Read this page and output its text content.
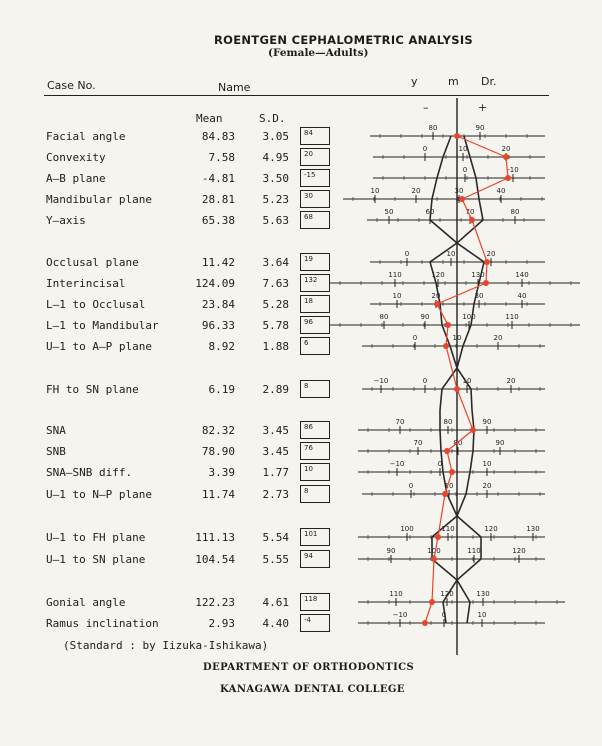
ROENTGEN CEPHALOMETRIC ANALYSIS
(Female—Adults)
Case No.	Name	y	m Dr.
–	+
Mean	S.D.
Facial angle	84.83	3.05	84
Convexity	7.58	4.95	20
A—B plane	-4.81	3.50	-15
Mandibular plane	28.81	5.23	30
Y—axis	65.38	5.63	68
Occlusal plane	11.42	3.64	19
Interincisal	124.09	7.63	132
L—1 to Occlusal	23.84	5.28	18
L—1 to Mandibular	96.33	5.78	96
U—1 to A—P plane	8.92	1.88	6
FH to SN plane	6.19	2.89	8
SNA	82.32	3.45	86
SNB	78.90	3.45	76
SNA—SNB diff.	3.39	1.77	10
U—1 to N—P plane	11.74	2.73	8
U—1 to FH plane	111.13	5.54	101
U—1 to SN plane	104.54	5.55	94
Gonial angle	122.23	4.61	118
Ramus inclination	2.93	4.40	-4
80	90
0	10	20
0	-10
10	20	30	40
50	60	70	80
0	10	20
110	120	130	140
10	20	30	40
80	90	100	110
0	10	20
−10	0	10	20
70	80	90
70	80	90
−10	0	10
0	10	20
100	110	120	130
90	100	110	120
110	120	130
−10	0	10
(Standard : by Iizuka-Ishikawa)
DEPARTMENT OF ORTHODONTICS
KANAGAWA DENTAL COLLEGE
